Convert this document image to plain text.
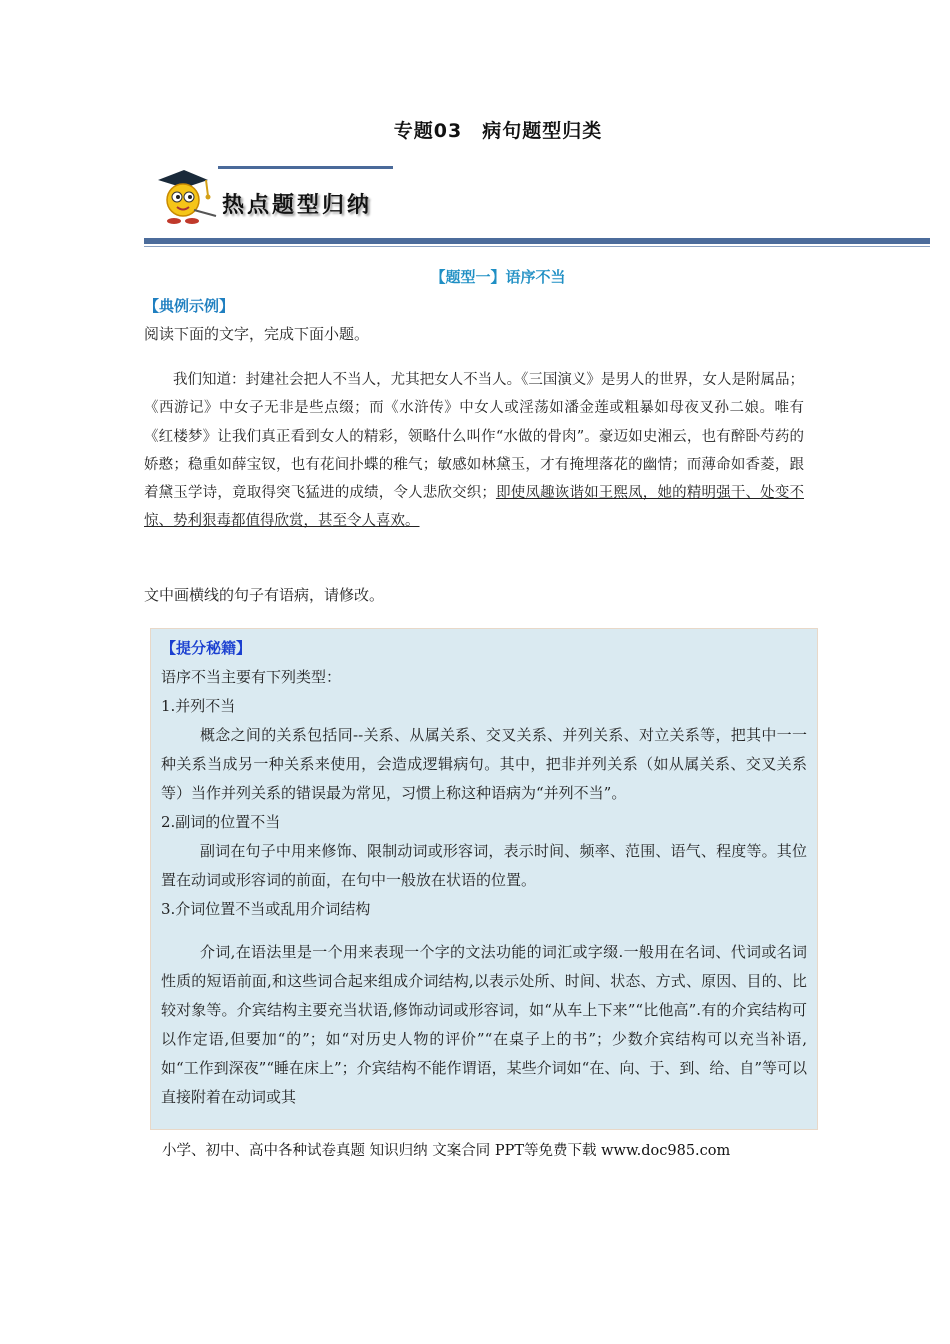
专题03　病句题型归类
热点题型归纳
【题型一】语序不当
【典例示例】
阅读下面的文字，完成下面小题。
我们知道：封建社会把人不当人，尤其把女人不当人。《三国演义》是男人的世界，女人是附属品；《西游记》中女子无非是些点缀；而《水浒传》中女人或淫荡如潘金莲或粗暴如母夜叉孙二娘。唯有《红楼梦》让我们真正看到女人的精彩，领略什么叫作“水做的骨肉”。豪迈如史湘云，也有醉卧芍药的娇憨；稳重如薛宝钗，也有花间扑蝶的稚气；敏感如林黛玉，才有掩埋落花的幽情；而薄命如香菱，跟着黛玉学诗，竟取得突飞猛进的成绩，令人悲欣交织；即使凤趣诙谐如王熙凤，她的精明强干、处变不惊、势利狠毒都值得欣赏，甚至令人喜欢。
文中画横线的句子有语病，请修改。
【提分秘籍】
语序不当主要有下列类型：
1.并列不当
概念之间的关系包括同--关系、从属关系、交叉关系、并列关系、对立关系等，把其中一一种关系当成另一种关系来使用，会造成逻辑病句。其中，把非并列关系（如从属关系、交叉关系等）当作并列关系的错误最为常见，习惯上称这种语病为“并列不当”。
2.副词的位置不当
副词在句子中用来修饰、限制动词或形容词，表示时间、频率、范围、语气、程度等。其位置在动词或形容词的前面，在句中一般放在状语的位置。
3.介词位置不当或乱用介词结构
介词,在语法里是一个用来表现一个字的文法功能的词汇或字缀.一般用在名词、代词或名词性质的短语前面,和这些词合起来组成介词结构,以表示处所、时间、状态、方式、原因、目的、比较对象等。介宾结构主要充当状语,修饰动词或形容词，如“从车上下来”“比他高”.有的介宾结构可以作定语,但要加“的”；如“对历史人物的评价”“在桌子上的书”；少数介宾结构可以充当补语,如“工作到深夜”“睡在床上”；介宾结构不能作谓语，某些介词如“在、向、于、到、给、自”等可以直接附着在动词或其
小学、初中、高中各种试卷真题 知识归纳 文案合同 PPT等免费下载 www.doc985.com
